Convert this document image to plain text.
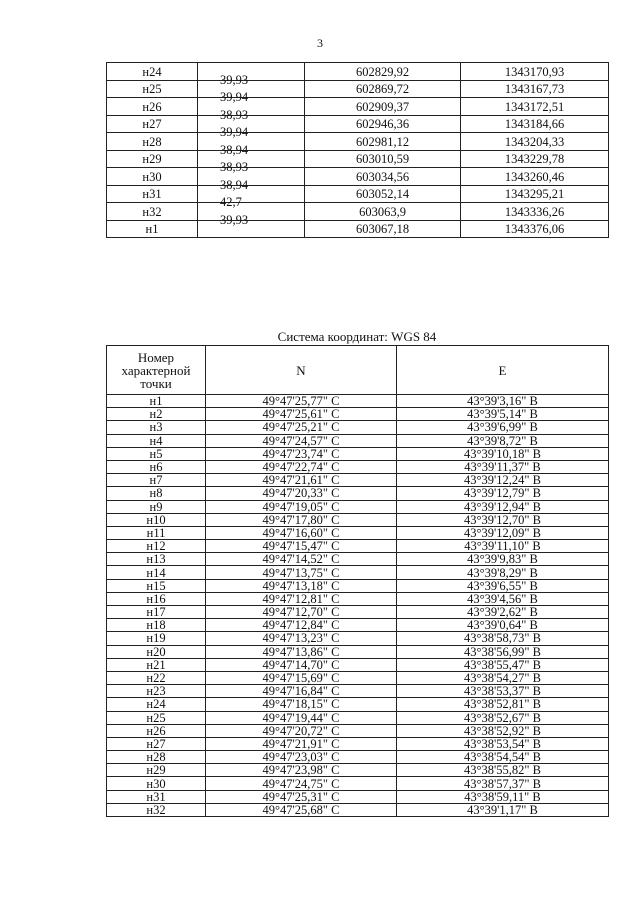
3
н24	39,93	602829,92	1343170,93
н25	39,94	602869,72	1343167,73
н26	38,93	602909,37	1343172,51
н27	39,94	602946,36	1343184,66
н28	38,94	602981,12	1343204,33
н29	38,93	603010,59	1343229,78
н30	38,94	603034,56	1343260,46
н31	42,7	603052,14	1343295,21
н32	39,93	603063,9	1343336,26
н1		603067,18	1343376,06
Система координат: WGS 84
Номер характерной точки	N	E
н1	49°47'25,77" С	43°39'3,16" В
н2	49°47'25,61" С	43°39'5,14" В
н3	49°47'25,21" С	43°39'6,99" В
н4	49°47'24,57" С	43°39'8,72" В
н5	49°47'23,74" С	43°39'10,18" В
н6	49°47'22,74" С	43°39'11,37" В
н7	49°47'21,61" С	43°39'12,24" В
н8	49°47'20,33" С	43°39'12,79" В
н9	49°47'19,05" С	43°39'12,94" В
н10	49°47'17,80" С	43°39'12,70" В
н11	49°47'16,60" С	43°39'12,09" В
н12	49°47'15,47" С	43°39'11,10" В
н13	49°47'14,52" С	43°39'9,83" В
н14	49°47'13,75" С	43°39'8,29" В
н15	49°47'13,18" С	43°39'6,55" В
н16	49°47'12,81" С	43°39'4,56" В
н17	49°47'12,70" С	43°39'2,62" В
н18	49°47'12,84" С	43°39'0,64" В
н19	49°47'13,23" С	43°38'58,73" В
н20	49°47'13,86" С	43°38'56,99" В
н21	49°47'14,70" С	43°38'55,47" В
н22	49°47'15,69" С	43°38'54,27" В
н23	49°47'16,84" С	43°38'53,37" В
н24	49°47'18,15" С	43°38'52,81" В
н25	49°47'19,44" С	43°38'52,67" В
н26	49°47'20,72" С	43°38'52,92" В
н27	49°47'21,91" С	43°38'53,54" В
н28	49°47'23,03" С	43°38'54,54" В
н29	49°47'23,98" С	43°38'55,82" В
н30	49°47'24,75" С	43°38'57,37" В
н31	49°47'25,31" С	43°38'59,11" В
н32	49°47'25,68" С	43°39'1,17" В
